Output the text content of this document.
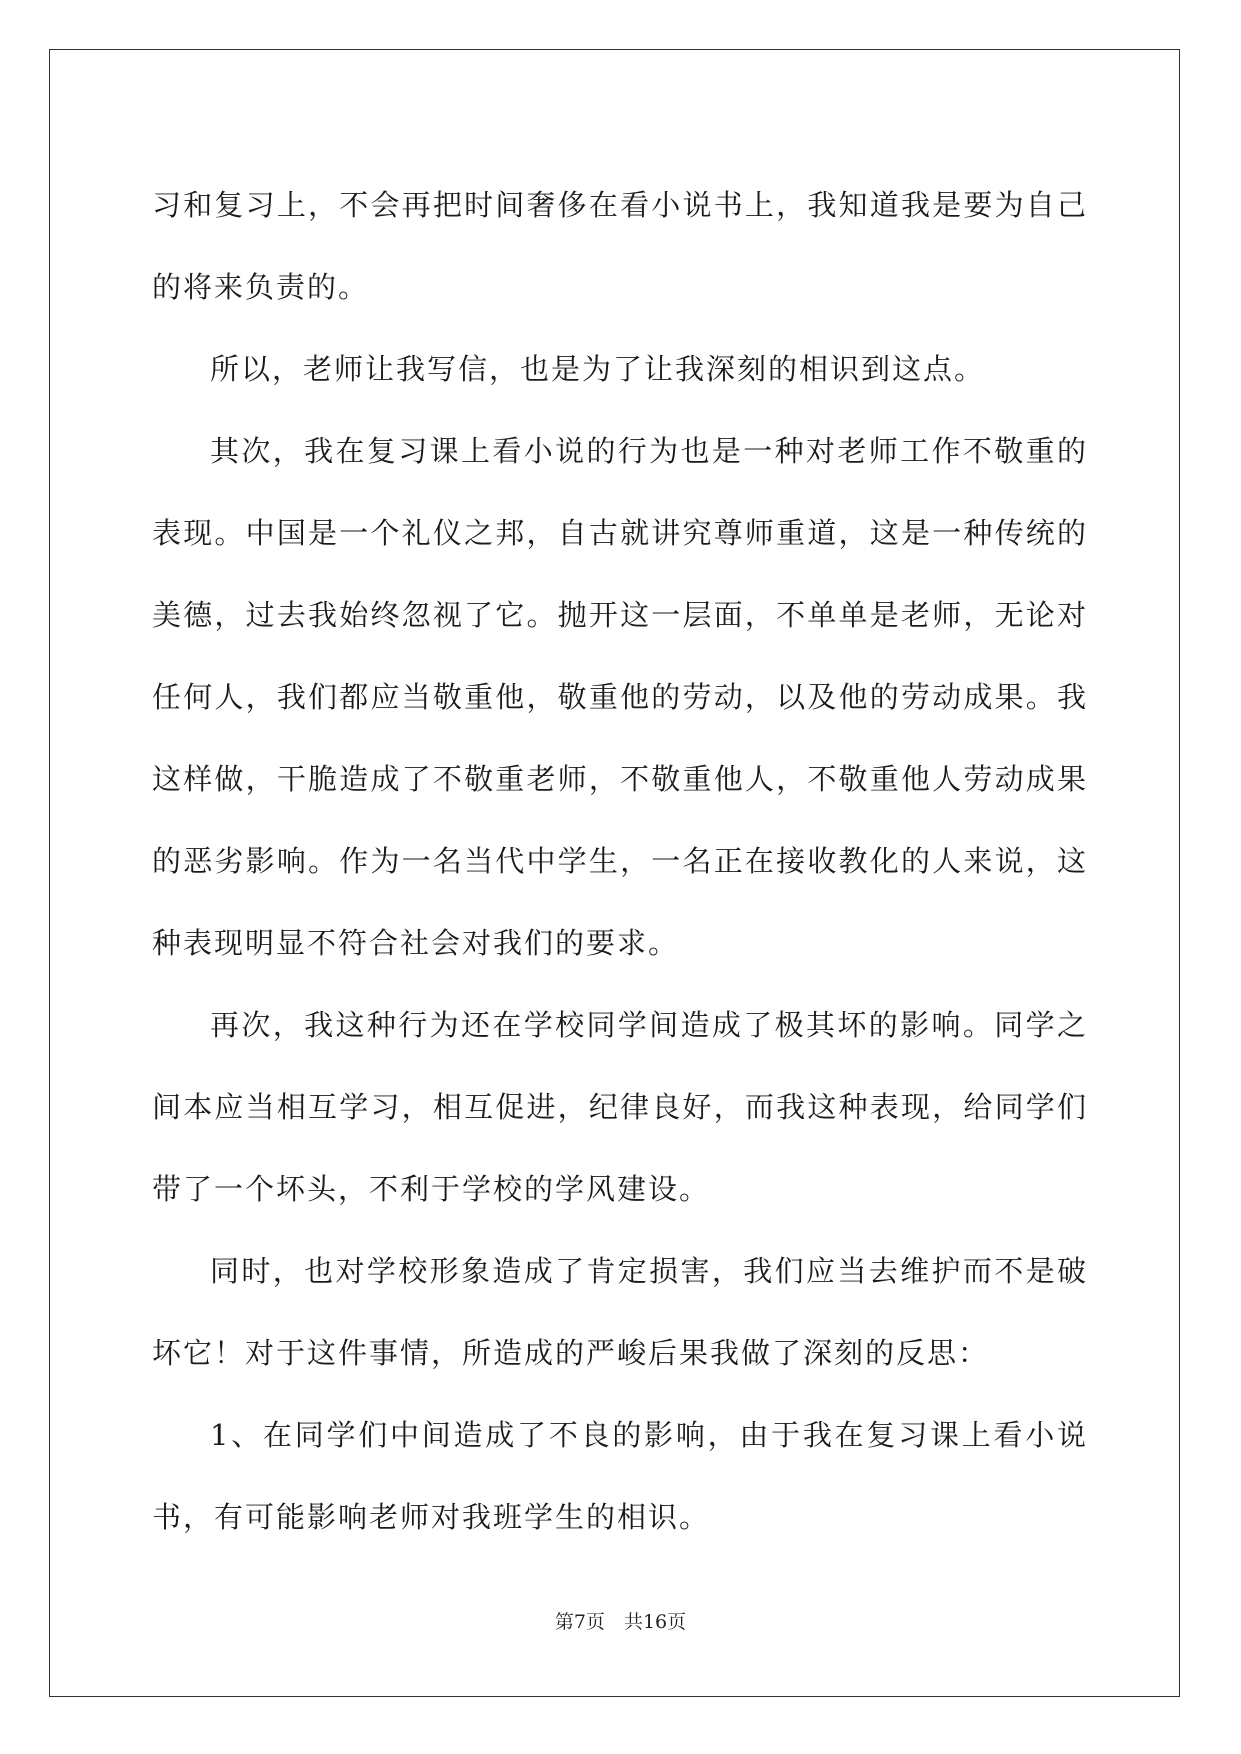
习和复习上，不会再把时间奢侈在看小说书上，我知道我是要为自己的将来负责的。

所以，老师让我写信，也是为了让我深刻的相识到这点。

其次，我在复习课上看小说的行为也是一种对老师工作不敬重的表现。中国是一个礼仪之邦，自古就讲究尊师重道，这是一种传统的美德，过去我始终忽视了它。抛开这一层面，不单单是老师，无论对任何人，我们都应当敬重他，敬重他的劳动，以及他的劳动成果。我这样做，干脆造成了不敬重老师，不敬重他人，不敬重他人劳动成果的恶劣影响。作为一名当代中学生，一名正在接收教化的人来说，这种表现明显不符合社会对我们的要求。

再次，我这种行为还在学校同学间造成了极其坏的影响。同学之间本应当相互学习，相互促进，纪律良好，而我这种表现，给同学们带了一个坏头，不利于学校的学风建设。

同时，也对学校形象造成了肯定损害，我们应当去维护而不是破坏它！对于这件事情，所造成的严峻后果我做了深刻的反思：

1、在同学们中间造成了不良的影响，由于我在复习课上看小说书，有可能影响老师对我班学生的相识。

第7页　共16页
